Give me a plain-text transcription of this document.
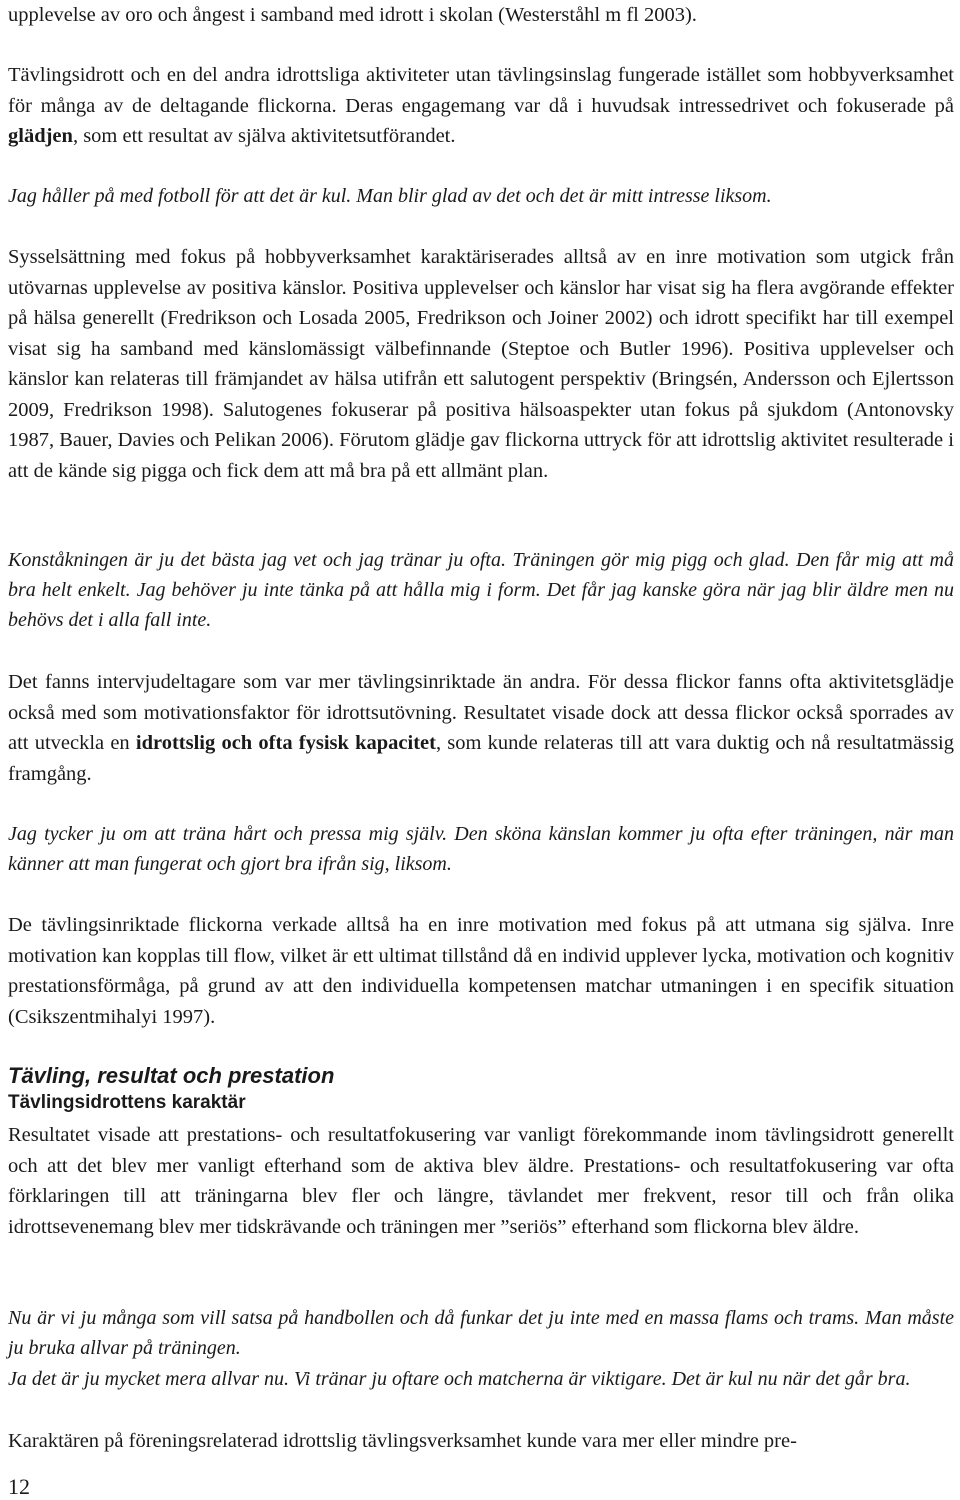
upplevelse av oro och ångest i samband med idrott i skolan (Westerståhl m fl 2003).

Tävlingsidrott och en del andra idrottsliga aktiviteter utan tävlingsinslag fungerade istället som hobbyverksamhet för många av de deltagande flickorna. Deras engagemang var då i huvudsak intressedrivet och fokuserade på glädjen, som ett resultat av själva aktivitetsutförandet.

Jag håller på med fotboll för att det är kul. Man blir glad av det och det är mitt intresse liksom.

Sysselsättning med fokus på hobbyverksamhet karaktäriserades alltså av en inre motivation som utgick från utövarnas upplevelse av positiva känslor. Positiva upplevelser och känslor har visat sig ha flera avgörande effekter på hälsa generellt (Fredrikson och Losada 2005, Fredrikson och Joiner 2002) och idrott specifikt har till exempel visat sig ha samband med känslomässigt välbefinnande (Steptoe och Butler 1996). Positiva upplevelser och känslor kan relateras till främjandet av hälsa utifrån ett salutogent perspektiv (Bringsén, Andersson och Ejlertsson 2009, Fredrikson 1998). Salutogenes fokuserar på positiva hälsoaspekter utan fokus på sjukdom (Antonovsky 1987, Bauer, Davies och Pelikan 2006). Förutom glädje gav flickorna uttryck för att idrottslig aktivitet resulterade i att de kände sig pigga och fick dem att må bra på ett allmänt plan.

Konståkningen är ju det bästa jag vet och jag tränar ju ofta. Träningen gör mig pigg och glad. Den får mig att må bra helt enkelt. Jag behöver ju inte tänka på att hålla mig i form. Det får jag kanske göra när jag blir äldre men nu behövs det i alla fall inte.

Det fanns intervjudeltagare som var mer tävlingsinriktade än andra. För dessa flickor fanns ofta aktivitetsglädje också med som motivationsfaktor för idrottsutövning. Resultatet visade dock att dessa flickor också sporrades av att utveckla en idrottslig och ofta fysisk kapacitet, som kunde relateras till att vara duktig och nå resultatmässig framgång.

Jag tycker ju om att träna hårt och pressa mig själv. Den sköna känslan kommer ju ofta efter träningen, när man känner att man fungerat och gjort bra ifrån sig, liksom.

De tävlingsinriktade flickorna verkade alltså ha en inre motivation med fokus på att utmana sig själva. Inre motivation kan kopplas till flow, vilket är ett ultimat tillstånd då en individ upplever lycka, motivation och kognitiv prestationsförmåga, på grund av att den individuella kompetensen matchar utmaningen i en specifik situation (Csikszentmihalyi 1997).

Tävling, resultat och prestation
Tävlingsidrottens karaktär

Resultatet visade att prestations- och resultatfokusering var vanligt förekommande inom tävlingsidrott generellt och att det blev mer vanligt efterhand som de aktiva blev äldre. Prestations- och resultatfokusering var ofta förklaringen till att träningarna blev fler och längre, tävlandet mer frekvent, resor till och från olika idrottsevenemang blev mer tidskrävande och träningen mer ”seriös” efterhand som flickorna blev äldre.

Nu är vi ju många som vill satsa på handbollen och då funkar det ju inte med en massa flams och trams. Man måste ju bruka allvar på träningen.

Ja det är ju mycket mera allvar nu. Vi tränar ju oftare och matcherna är viktigare. Det är kul nu när det går bra.

Karaktären på föreningsrelaterad idrottslig tävlingsverksamhet kunde vara mer eller mindre pre-

12
